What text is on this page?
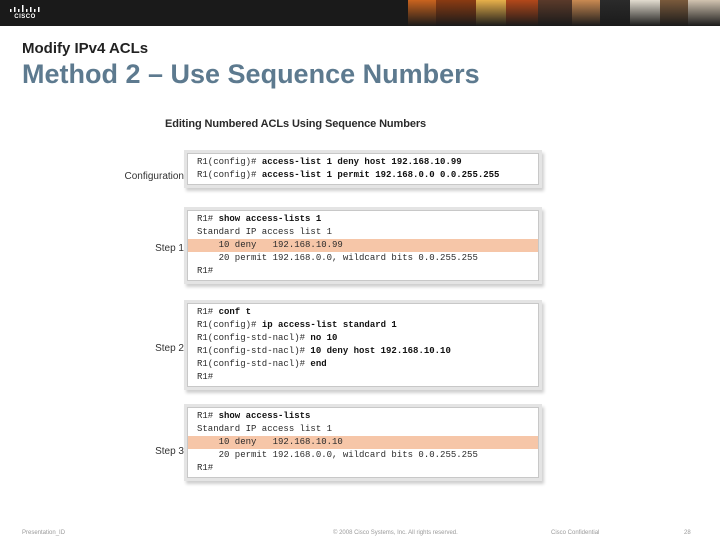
CISCO
Modify IPv4 ACLs
Method 2 – Use Sequence Numbers
Editing Numbered ACLs Using Sequence Numbers
Configuration
R1(config)# access-list 1 deny host 192.168.10.99
R1(config)# access-list 1 permit 192.168.0.0 0.0.255.255
Step 1
R1# show access-lists 1
Standard IP access list 1
10 deny   192.168.10.99
20 permit 192.168.0.0, wildcard bits 0.0.255.255
R1#
Step 2
R1# conf t
R1(config)# ip access-list standard 1
R1(config-std-nacl)# no 10
R1(config-std-nacl)# 10 deny host 192.168.10.10
R1(config-std-nacl)# end
R1#
Step 3
R1# show access-lists
Standard IP access list 1
10 deny   192.168.10.10
20 permit 192.168.0.0, wildcard bits 0.0.255.255
R1#
Presentation_ID	© 2008 Cisco Systems, Inc. All rights reserved.	Cisco Confidential	28
